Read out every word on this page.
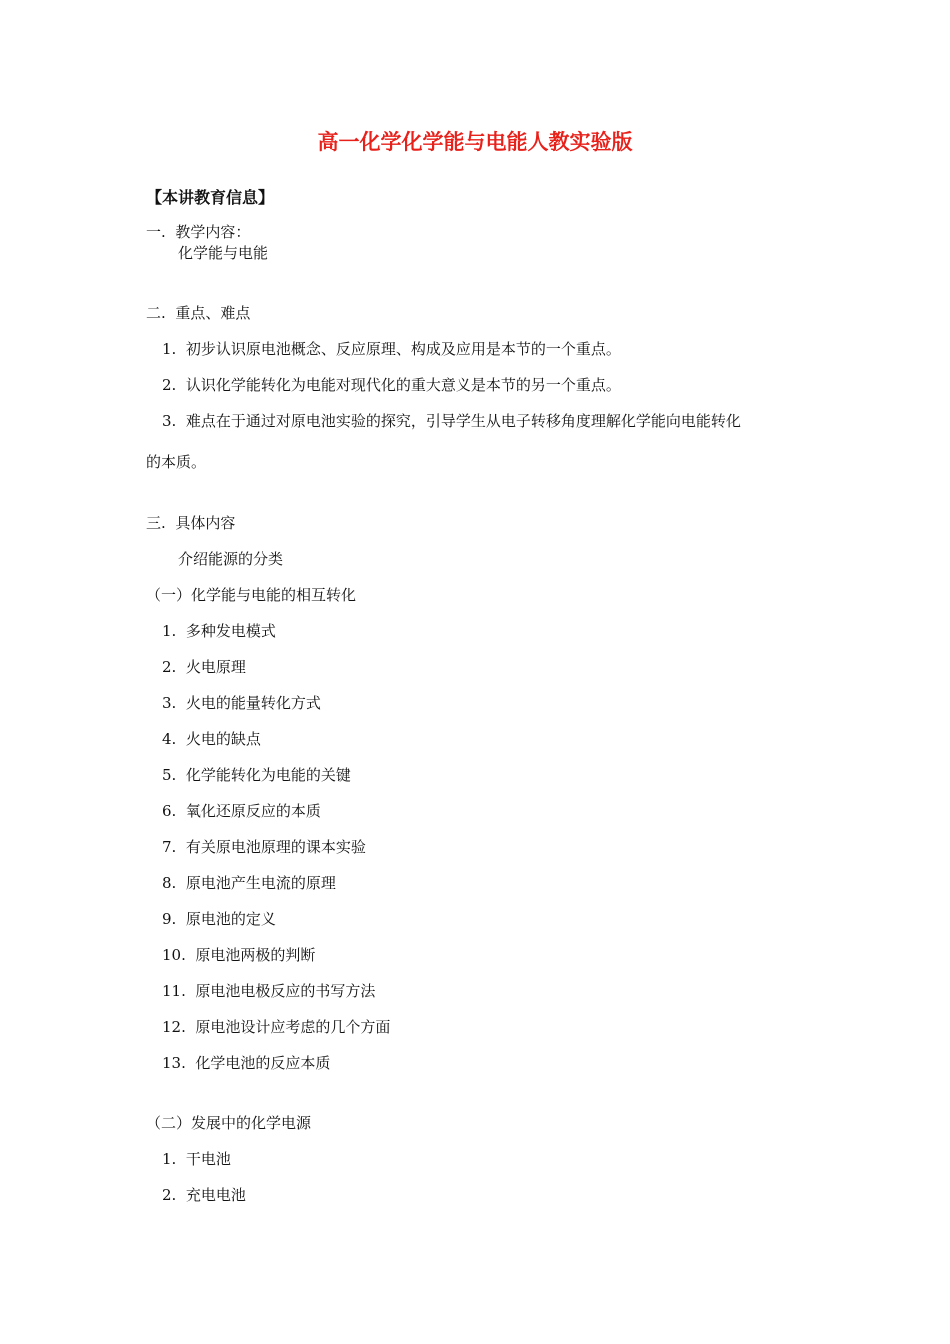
高一化学化学能与电能人教实验版
【本讲教育信息】
一. 教学内容：
化学能与电能
二. 重点、难点
1. 初步认识原电池概念、反应原理、构成及应用是本节的一个重点。
2. 认识化学能转化为电能对现代化的重大意义是本节的另一个重点。
3. 难点在于通过对原电池实验的探究，引导学生从电子转移角度理解化学能向电能转化
的本质。
三. 具体内容
介绍能源的分类
（一）化学能与电能的相互转化
1. 多种发电模式
2. 火电原理
3. 火电的能量转化方式
4. 火电的缺点
5. 化学能转化为电能的关键
6. 氧化还原反应的本质
7. 有关原电池原理的课本实验
8. 原电池产生电流的原理
9. 原电池的定义
10. 原电池两极的判断
11. 原电池电极反应的书写方法
12. 原电池设计应考虑的几个方面
13. 化学电池的反应本质
（二）发展中的化学电源
1. 干电池
2. 充电电池
